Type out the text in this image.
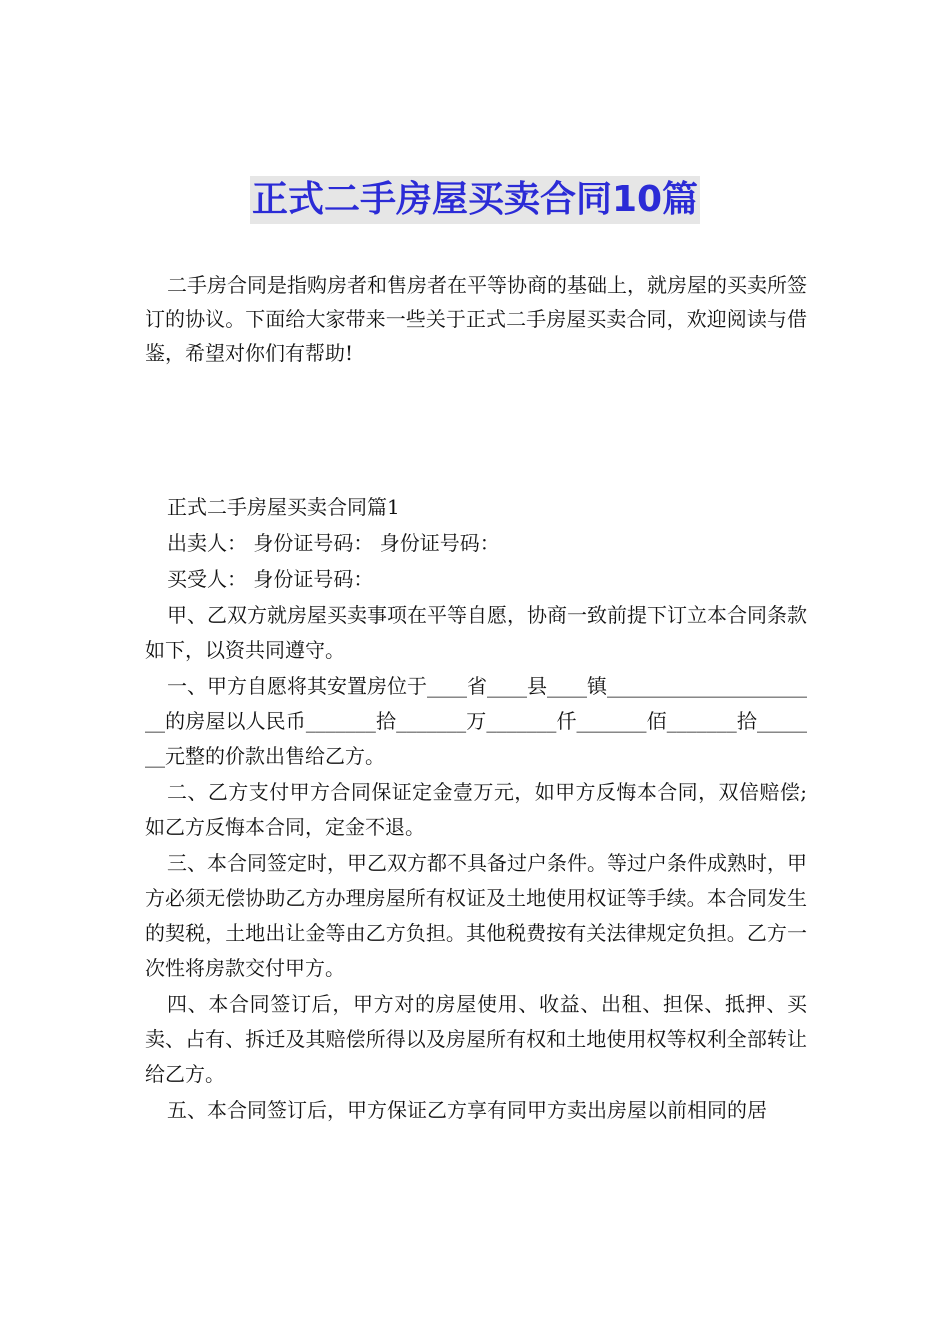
正式二手房屋买卖合同10篇

二手房合同是指购房者和售房者在平等协商的基础上，就房屋的买卖所签订的协议。下面给大家带来一些关于正式二手房屋买卖合同，欢迎阅读与借鉴，希望对你们有帮助!

正式二手房屋买卖合同篇1

出卖人： 身份证号码： 身份证号码：

买受人： 身份证号码：

甲、乙双方就房屋买卖事项在平等自愿，协商一致前提下订立本合同条款如下，以资共同遵守。

一、甲方自愿将其安置房位于____省____县____镇______________________的房屋以人民币_______拾_______万_______仟_______佰_______拾_______元整的价款出售给乙方。

二、乙方支付甲方合同保证定金壹万元，如甲方反悔本合同，双倍赔偿;如乙方反悔本合同，定金不退。

三、本合同签定时，甲乙双方都不具备过户条件。等过户条件成熟时，甲方必须无偿协助乙方办理房屋所有权证及土地使用权证等手续。本合同发生的契税，土地出让金等由乙方负担。其他税费按有关法律规定负担。乙方一次性将房款交付甲方。

四、本合同签订后，甲方对的房屋使用、收益、出租、担保、抵押、买卖、占有、拆迁及其赔偿所得以及房屋所有权和土地使用权等权利全部转让给乙方。

五、本合同签订后，甲方保证乙方享有同甲方卖出房屋以前相同的居
